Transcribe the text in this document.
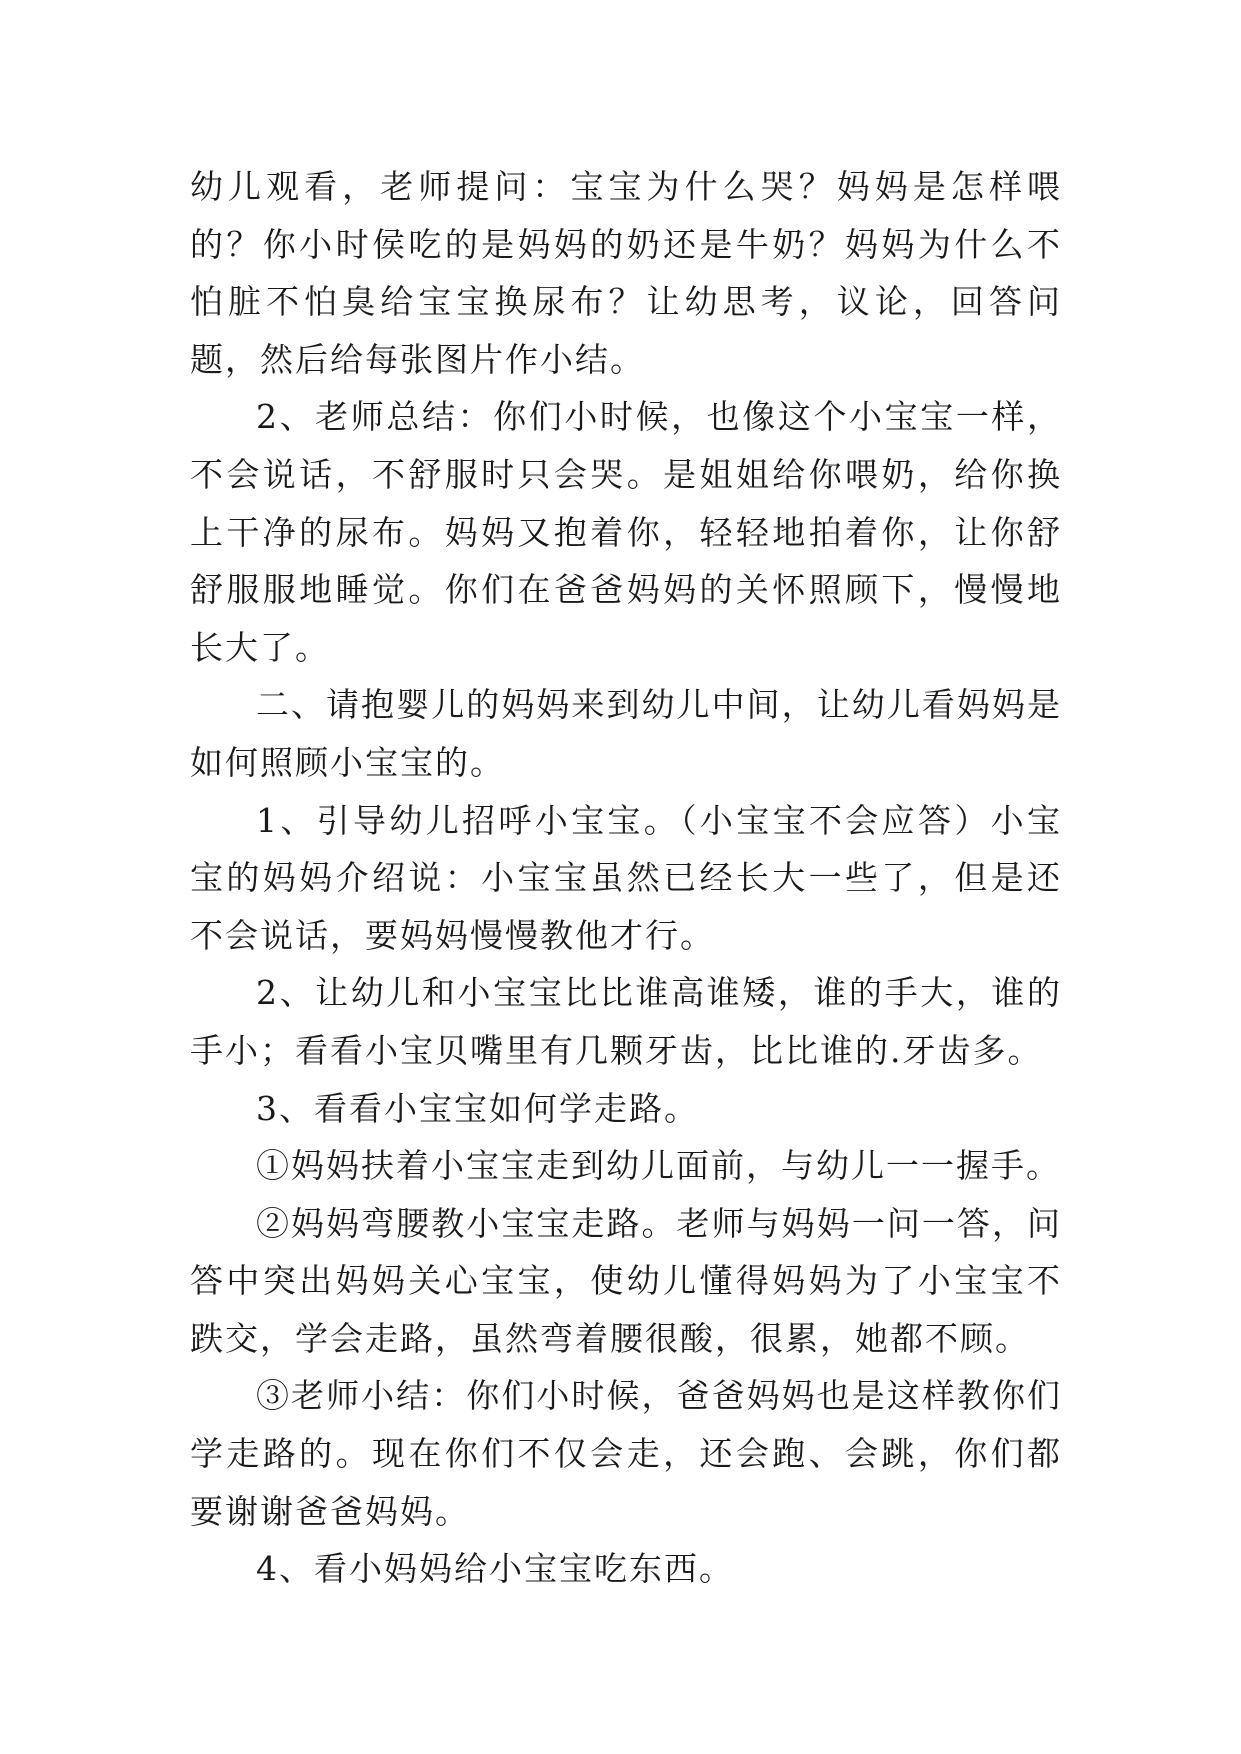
幼儿观看，老师提问：宝宝为什么哭？妈妈是怎样喂的？你小时侯吃的是妈妈的奶还是牛奶？妈妈为什么不怕脏不怕臭给宝宝换尿布？让幼思考，议论，回答问题，然后给每张图片作小结。

2、老师总结：你们小时候，也像这个小宝宝一样，不会说话，不舒服时只会哭。是姐姐给你喂奶，给你换上干净的尿布。妈妈又抱着你，轻轻地拍着你，让你舒舒服服地睡觉。你们在爸爸妈妈的关怀照顾下，慢慢地长大了。

二、请抱婴儿的妈妈来到幼儿中间，让幼儿看妈妈是如何照顾小宝宝的。

1、引导幼儿招呼小宝宝。（小宝宝不会应答）小宝宝的妈妈介绍说：小宝宝虽然已经长大一些了，但是还不会说话，要妈妈慢慢教他才行。

2、让幼儿和小宝宝比比谁高谁矮，谁的手大，谁的手小；看看小宝贝嘴里有几颗牙齿，比比谁的.牙齿多。

3、看看小宝宝如何学走路。

①妈妈扶着小宝宝走到幼儿面前，与幼儿一一握手。

②妈妈弯腰教小宝宝走路。老师与妈妈一问一答，问答中突出妈妈关心宝宝，使幼儿懂得妈妈为了小宝宝不跌交，学会走路，虽然弯着腰很酸，很累，她都不顾。

③老师小结：你们小时候，爸爸妈妈也是这样教你们学走路的。现在你们不仅会走，还会跑、会跳，你们都要谢谢爸爸妈妈。

4、看小妈妈给小宝宝吃东西。
